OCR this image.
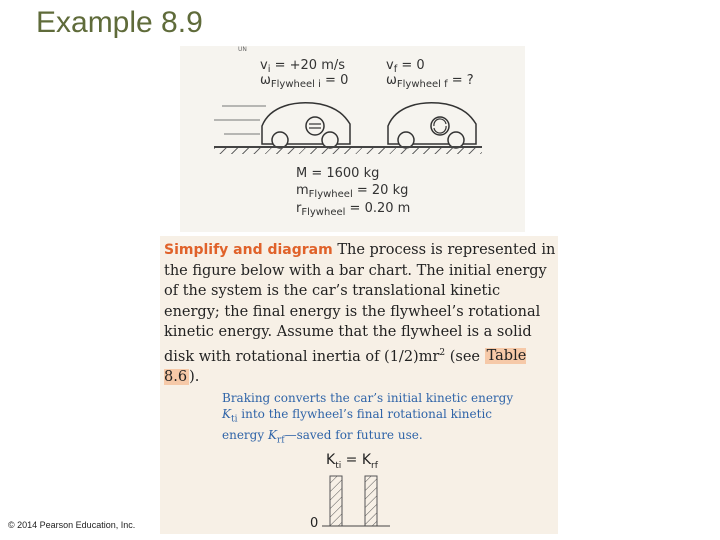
Example 8.9
UN
$v_i = +20$ m/s
$\omega_{Flywheel i} = 0$
$v_f = 0$
$\omega_{Flywheel f}$ = ?
M = 1600 kg
$m_{Flywheel} = 20$ kg
$r_{Flywheel} = 0.20$ m
Simplify and diagram The process is represented in the figure below with a bar chart. The initial energy of the system is the car’s translational kinetic energy; the final energy is the flywheel’s rotational kinetic energy. Assume that the flywheel is a solid disk with rotational inertia of $(1/2)mr^2$ (see Table 8.6 ).
Braking converts the car’s initial kinetic energy
$K_{ti}$ into the flywheel’s final rotational kinetic
energy $K_{rf}—saved$ for future use.
$K_{ti} = K_{rf}$
0
© 2014 Pearson Education, Inc.
